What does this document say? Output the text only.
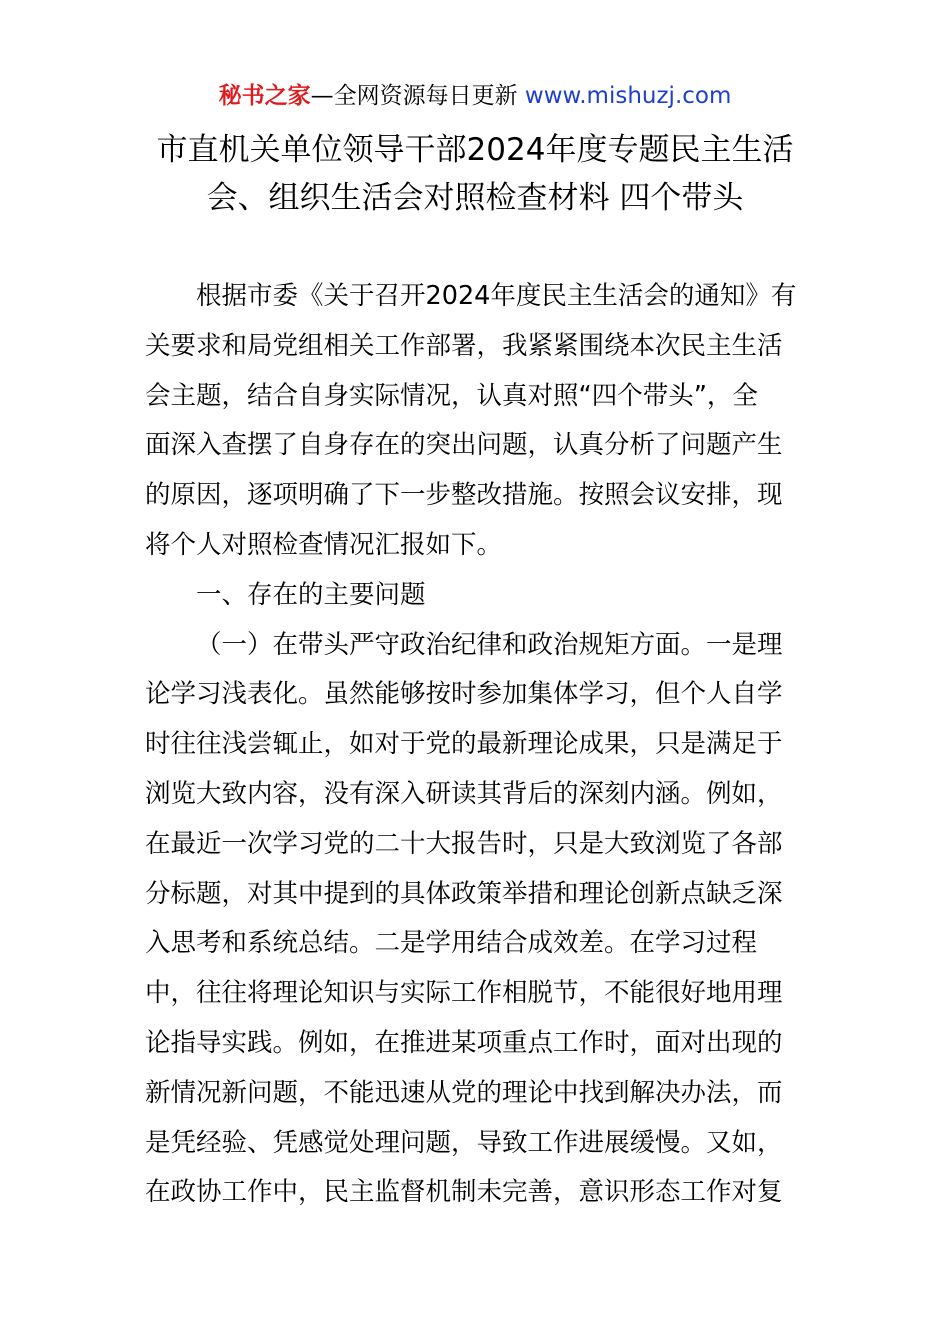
秘书之家—全网资源每日更新 www.mishuzj.com
市直机关单位领导干部2024年度专题民主生活
会、组织生活会对照检查材料 四个带头
根据市委《关于召开2024年度民主生活会的通知》有
关要求和局党组相关工作部署，我紧紧围绕本次民主生活
会主题，结合自身实际情况，认真对照“四个带头”，全
面深入查摆了自身存在的突出问题，认真分析了问题产生
的原因，逐项明确了下一步整改措施。按照会议安排，现
将个人对照检查情况汇报如下。
一、存在的主要问题
（一）在带头严守政治纪律和政治规矩方面。一是理
论学习浅表化。虽然能够按时参加集体学习，但个人自学
时往往浅尝辄止，如对于党的最新理论成果，只是满足于
浏览大致内容，没有深入研读其背后的深刻内涵。例如，
在最近一次学习党的二十大报告时，只是大致浏览了各部
分标题，对其中提到的具体政策举措和理论创新点缺乏深
入思考和系统总结。二是学用结合成效差。在学习过程
中，往往将理论知识与实际工作相脱节，不能很好地用理
论指导实践。例如，在推进某项重点工作时，面对出现的
新情况新问题，不能迅速从党的理论中找到解决办法，而
是凭经验、凭感觉处理问题，导致工作进展缓慢。又如，
在政协工作中，民主监督机制未完善，意识形态工作对复
